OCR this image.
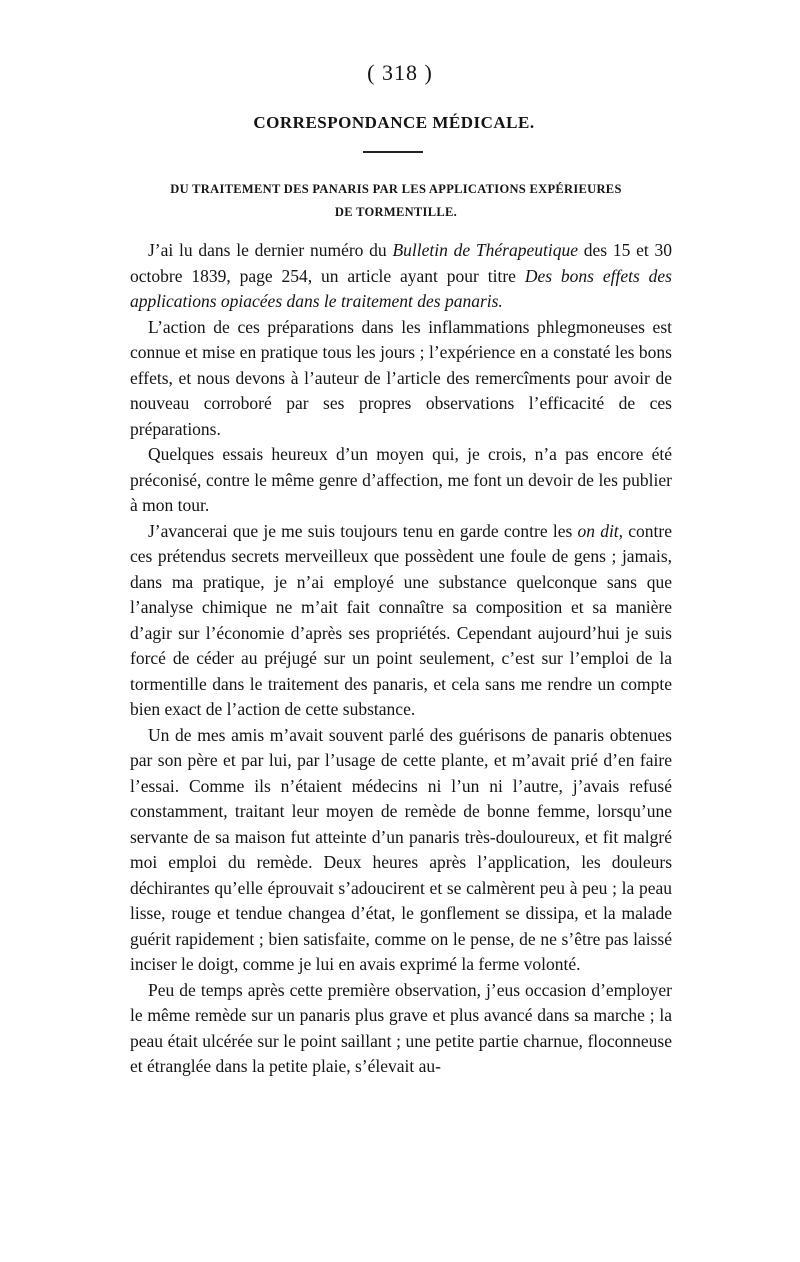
( 318 )
CORRESPONDANCE MÉDICALE.
DU TRAITEMENT DES PANARIS PAR LES APPLICATIONS EXPÉRIEURES
DE TORMENTILLE.

J’ai lu dans le dernier numéro du Bulletin de Thérapeutique des 15 et 30 octobre 1839, page 254, un article ayant pour titre Des bons effets des applications opiacées dans le traitement des panaris.

L’action de ces préparations dans les inflammations phlegmoneuses est connue et mise en pratique tous les jours ; l’expérience en a constaté les bons effets, et nous devons à l’auteur de l’article des remercîments pour avoir de nouveau corroboré par ses propres observations l’efficacité de ces préparations.

Quelques essais heureux d’un moyen qui, je crois, n’a pas encore été préconisé, contre le même genre d’affection, me font un devoir de les publier à mon tour.

J’avancerai que je me suis toujours tenu en garde contre les on dit, contre ces prétendus secrets merveilleux que possèdent une foule de gens ; jamais, dans ma pratique, je n’ai employé une substance quelconque sans que l’analyse chimique ne m’ait fait connaître sa composition et sa manière d’agir sur l’économie d’après ses propriétés. Cependant aujourd’hui je suis forcé de céder au préjugé sur un point seulement, c’est sur l’emploi de la tormentille dans le traitement des panaris, et cela sans me rendre un compte bien exact de l’action de cette substance.

Un de mes amis m’avait souvent parlé des guérisons de panaris obtenues par son père et par lui, par l’usage de cette plante, et m’avait prié d’en faire l’essai. Comme ils n’étaient médecins ni l’un ni l’autre, j’avais refusé constamment, traitant leur moyen de remède de bonne femme, lorsqu’une servante de sa maison fut atteinte d’un panaris très-douloureux, et fit malgré moi emploi du remède. Deux heures après l’application, les douleurs déchirantes qu’elle éprouvait s’adoucirent et se calmèrent peu à peu ; la peau lisse, rouge et tendue changea d’état, le gonflement se dissipa, et la malade guérit rapidement ; bien satisfaite, comme on le pense, de ne s’être pas laissé inciser le doigt, comme je lui en avais exprimé la ferme volonté.

Peu de temps après cette première observation, j’eus occasion d’employer le même remède sur un panaris plus grave et plus avancé dans sa marche ; la peau était ulcérée sur le point saillant ; une petite partie charnue, floconneuse et étranglée dans la petite plaie, s’élevait au-
